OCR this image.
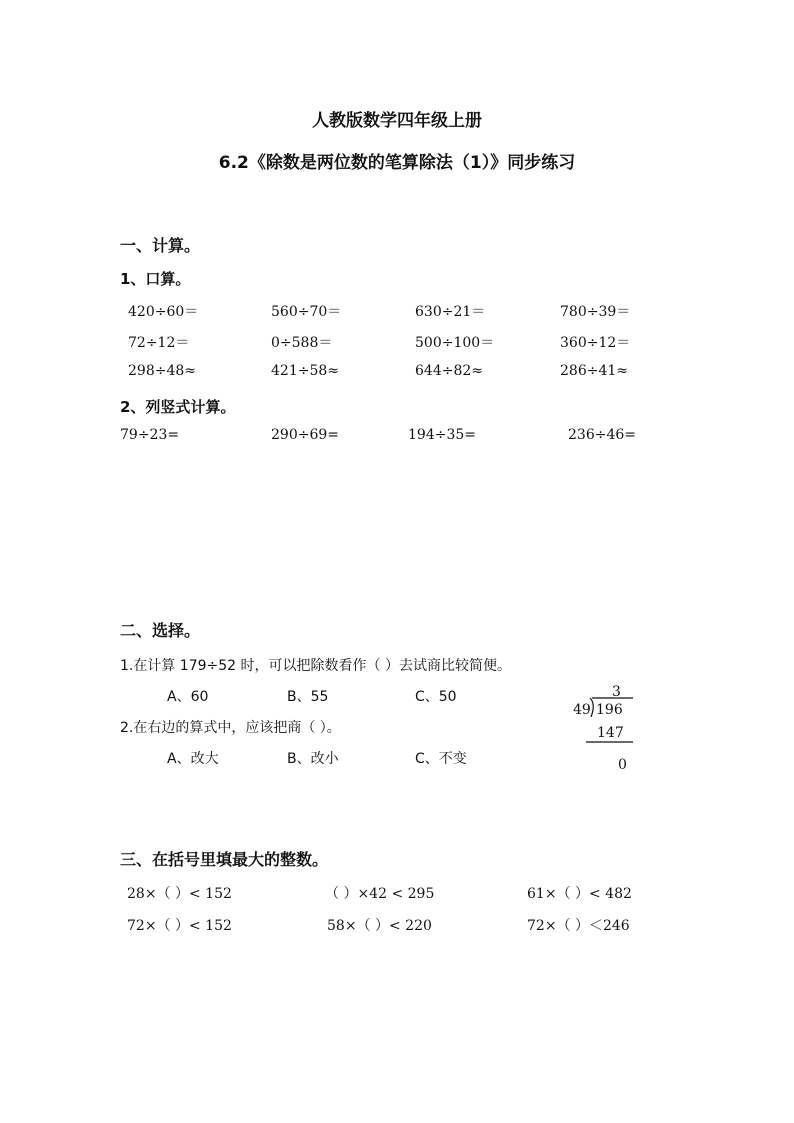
人教版数学四年级上册
6.2《除数是两位数的笔算除法（1）》同步练习
一、计算。
1、口算。
420÷60＝	560÷70＝	630÷21＝	780÷39＝
72÷12＝	0÷588＝	500÷100＝	360÷12＝
298÷48≈	421÷58≈	644÷82≈	286÷41≈
2、列竖式计算。
79÷23=	290÷69=	194÷35=	236÷46=
二、选择。
1.在计算 179÷52 时，可以把除数看作（ ）去试商比较简便。
A、60	B、55	C、50
2.在右边的算式中，应该把商（ ）。
A、改大	B、改小	C、不变
3
49 196
147
0
三、在括号里填最大的整数。
28×（ ）< 152	（ ）×42 < 295	61×（ ）< 482
72×（ ）< 152	58×（ ）< 220	72×（ ）＜246
